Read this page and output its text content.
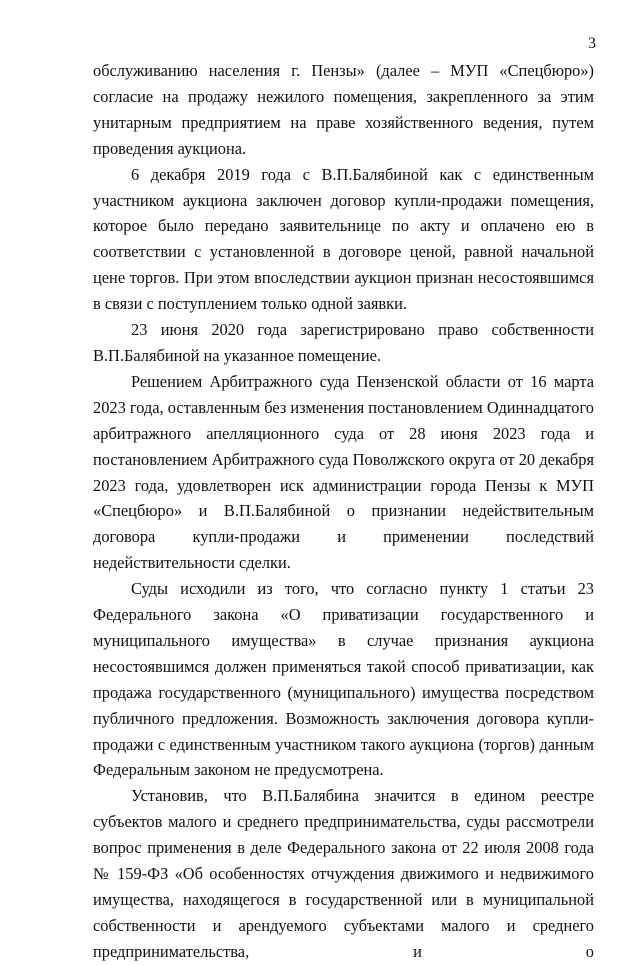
3

обслуживанию населения г. Пензы» (далее – МУП «Спецбюро») согласие на продажу нежилого помещения, закрепленного за этим унитарным предприятием на праве хозяйственного ведения, путем проведения аукциона.

6 декабря 2019 года с В.П.Балябиной как с единственным участником аукциона заключен договор купли-продажи помещения, которое было передано заявительнице по акту и оплачено ею в соответствии с установленной в договоре ценой, равной начальной цене торгов. При этом впоследствии аукцион признан несостоявшимся в связи с поступлением только одной заявки.

23 июня 2020 года зарегистрировано право собственности В.П.Балябиной на указанное помещение.

Решением Арбитражного суда Пензенской области от 16 марта 2023 года, оставленным без изменения постановлением Одиннадцатого арбитражного апелляционного суда от 28 июня 2023 года и постановлением Арбитражного суда Поволжского округа от 20 декабря 2023 года, удовлетворен иск администрации города Пензы к МУП «Спецбюро» и В.П.Балябиной о признании недействительным договора купли-продажи и применении последствий недействительности сделки.

Суды исходили из того, что согласно пункту 1 статьи 23 Федерального закона «О приватизации государственного и муниципального имущества» в случае признания аукциона несостоявшимся должен применяться такой способ приватизации, как продажа государственного (муниципального) имущества посредством публичного предложения. Возможность заключения договора купли-продажи с единственным участником такого аукциона (торгов) данным Федеральным законом не предусмотрена.

Установив, что В.П.Балябина значится в едином реестре субъектов малого и среднего предпринимательства, суды рассмотрели вопрос применения в деле Федерального закона от 22 июля 2008 года № 159-ФЗ «Об особенностях отчуждения движимого и недвижимого имущества, находящегося в государственной или в муниципальной собственности и арендуемого субъектами малого и среднего предпринимательства, и о
